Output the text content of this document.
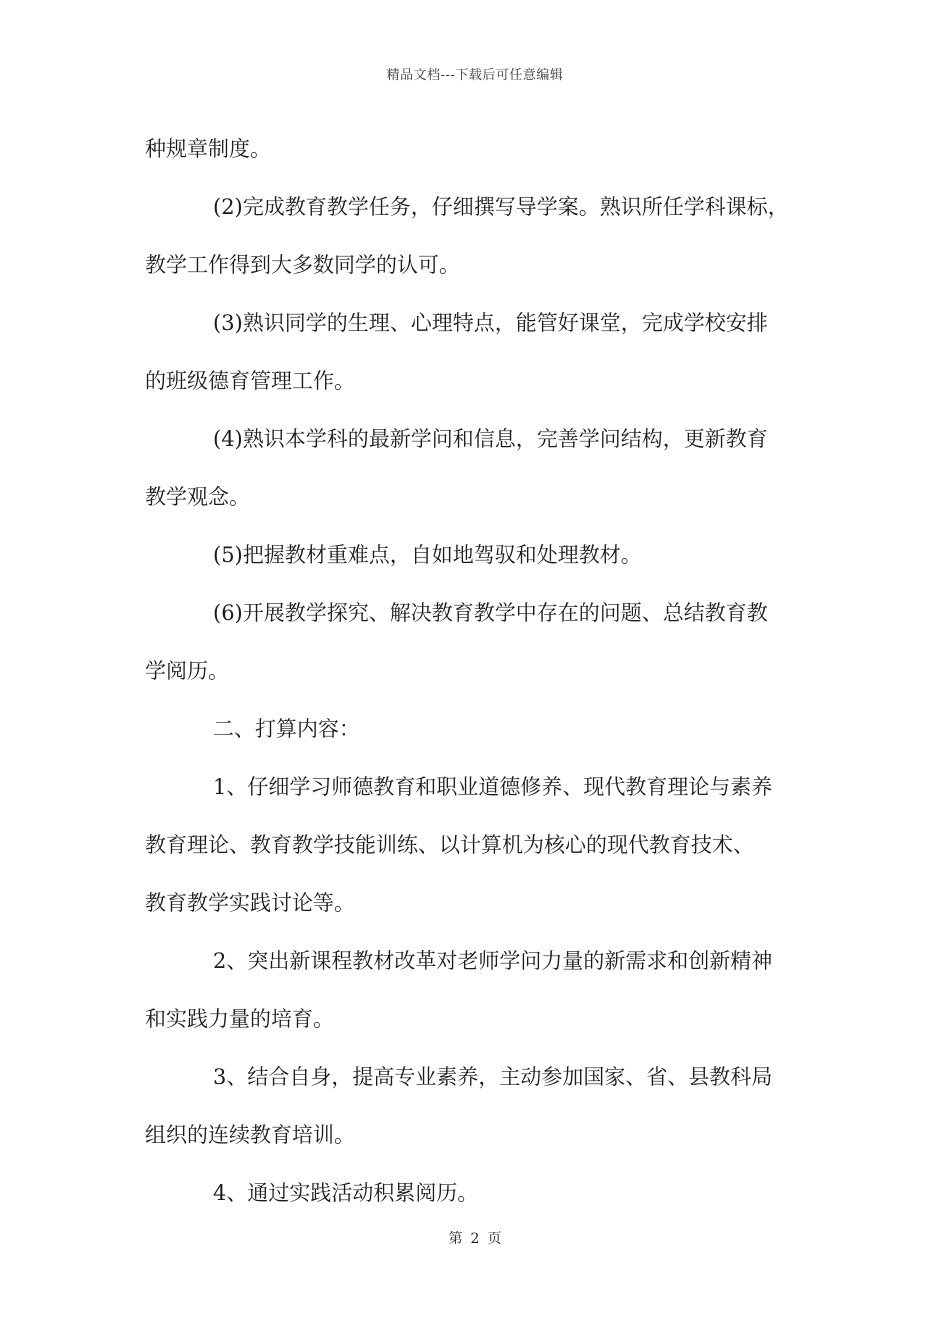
精品文档---下载后可任意编辑
种规章制度。
(2)完成教育教学任务，仔细撰写导学案。熟识所任学科课标，
教学工作得到大多数同学的认可。
(3)熟识同学的生理、心理特点，能管好课堂，完成学校安排
的班级德育管理工作。
(4)熟识本学科的最新学问和信息，完善学问结构，更新教育
教学观念。
(5)把握教材重难点，自如地驾驭和处理教材。
(6)开展教学探究、解决教育教学中存在的问题、总结教育教
学阅历。
二、打算内容：
1、仔细学习师德教育和职业道德修养、现代教育理论与素养
教育理论、教育教学技能训练、以计算机为核心的现代教育技术、
教育教学实践讨论等。
2、突出新课程教材改革对老师学问力量的新需求和创新精神
和实践力量的培育。
3、结合自身，提高专业素养，主动参加国家、省、县教科局
组织的连续教育培训。
4、通过实践活动积累阅历。
第 2 页
